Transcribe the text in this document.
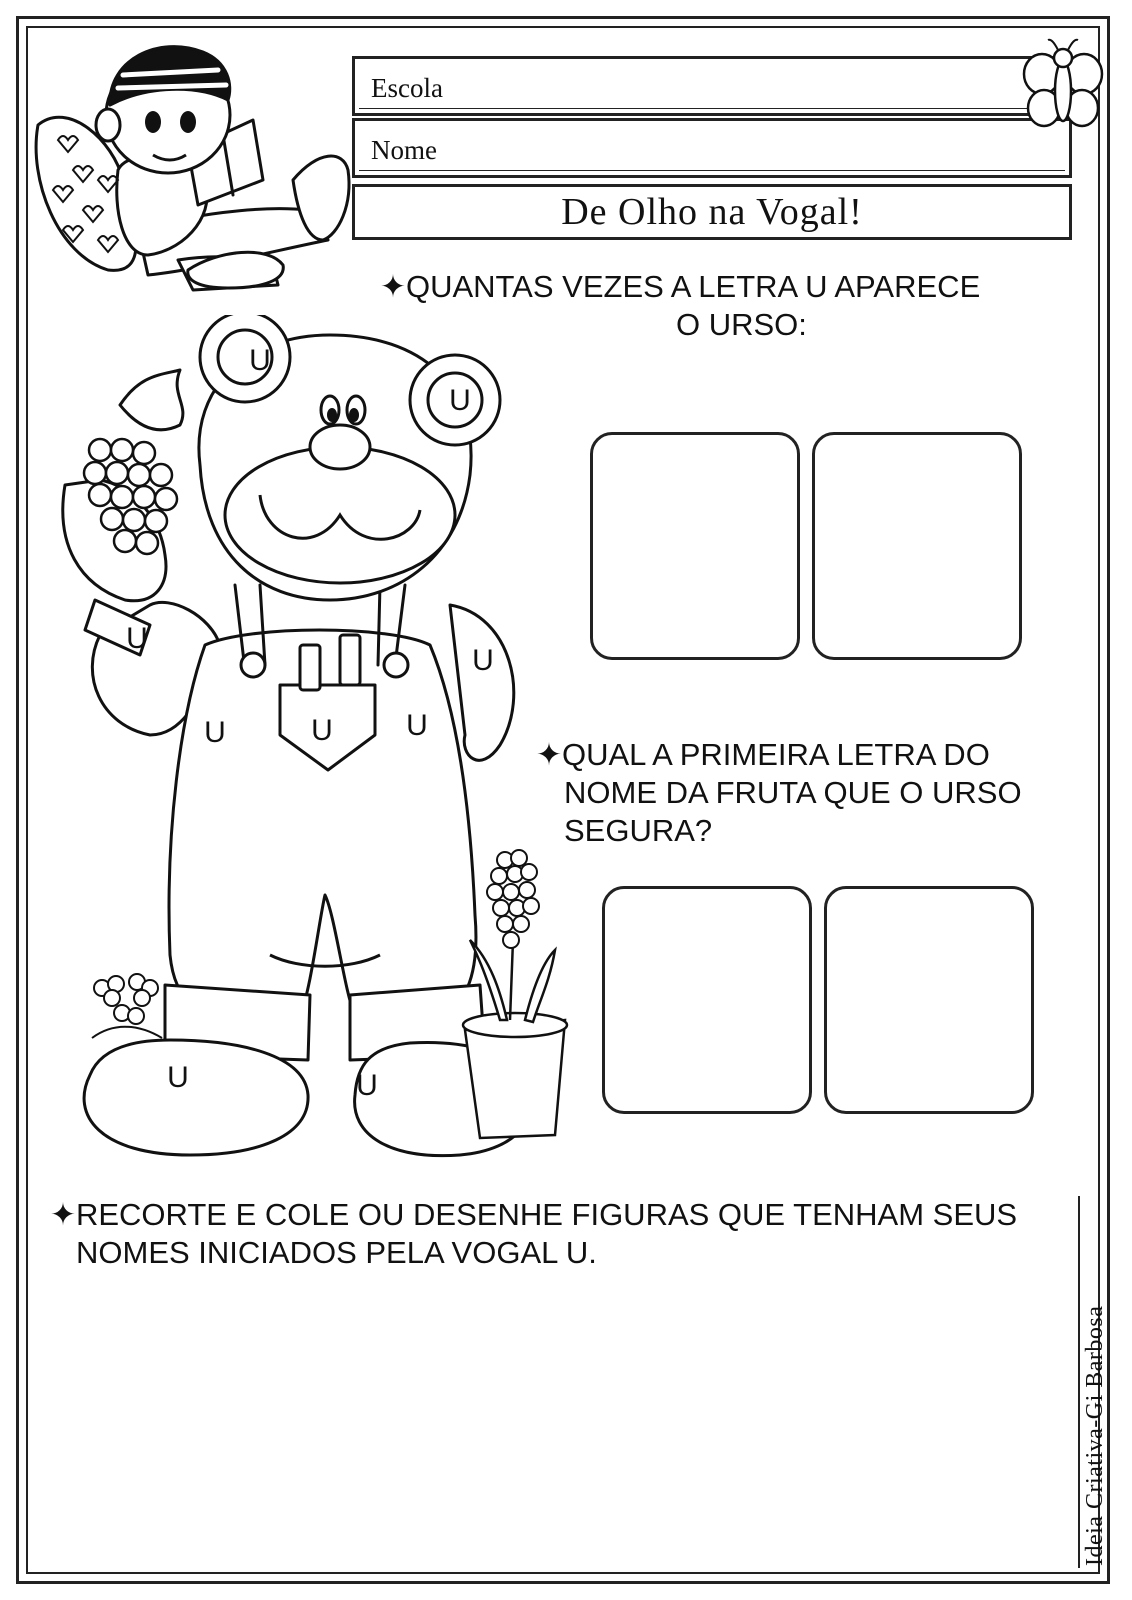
Escola
Nome
De Olho na Vogal!
✦QUANTAS VEZES A LETRA U APARECE
O URSO:
✦QUAL A PRIMEIRA LETRA DO
NOME DA FRUTA QUE O URSO
SEGURA?
U
U
U
U
U	U U
U	U
✦RECORTE E COLE OU DESENHE FIGURAS QUE TENHAM SEUS
NOMES INICIADOS PELA VOGAL U.
Ideia Criativa-Gi Barbosa
